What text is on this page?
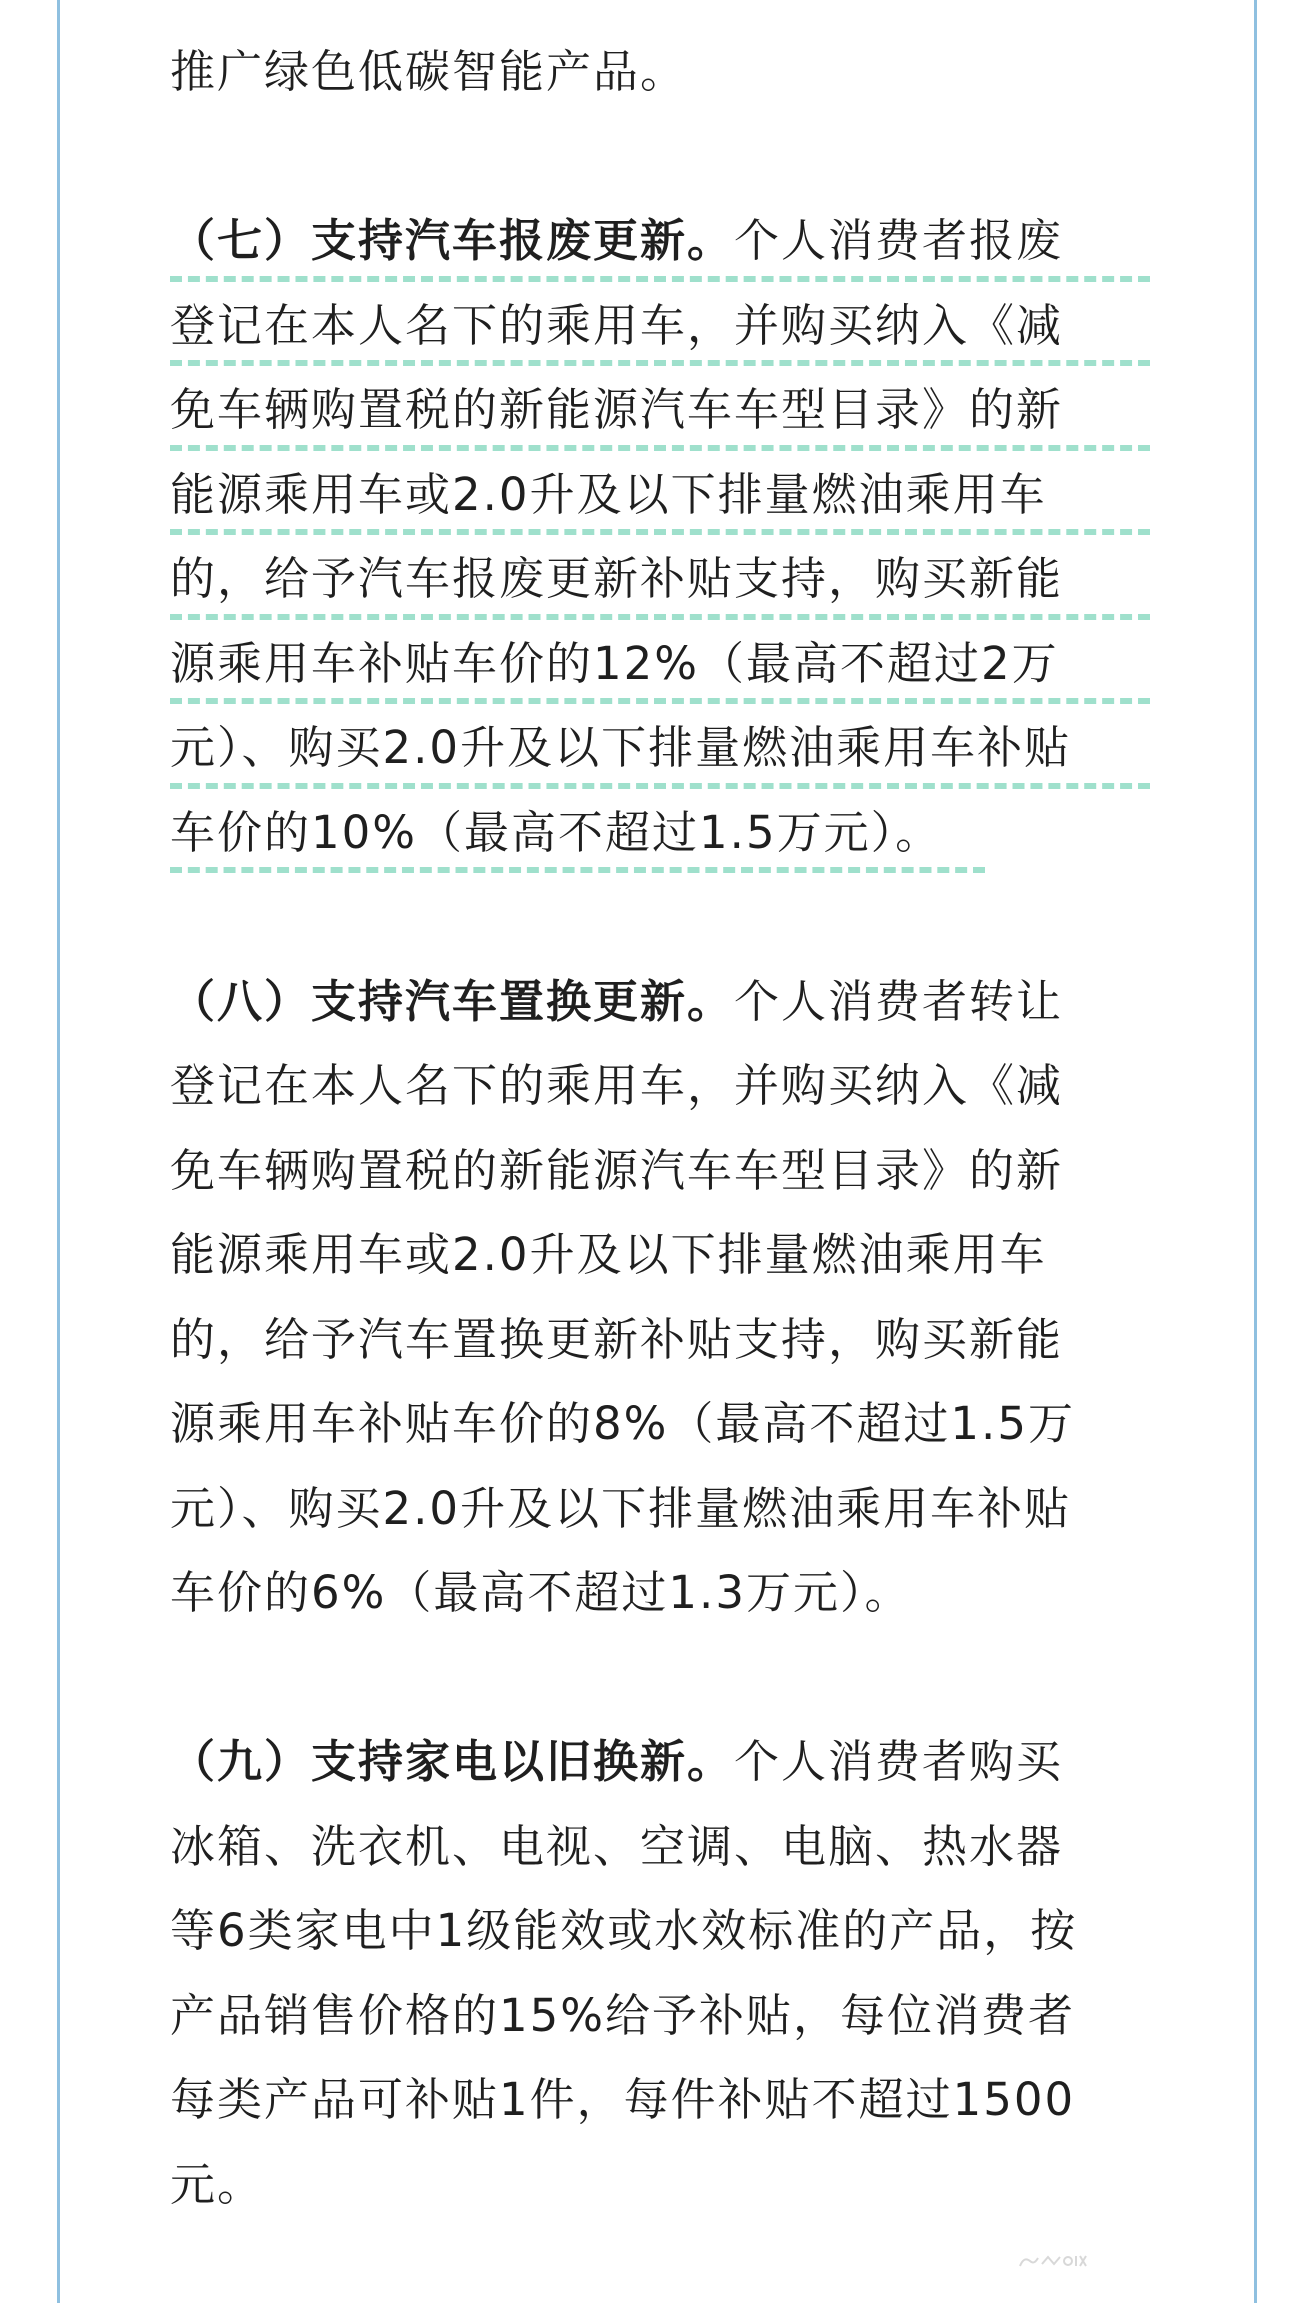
推广绿色低碳智能产品。
（七）支持汽车报废更新。个人消费者报废
登记在本人名下的乘用车，并购买纳入《减
免车辆购置税的新能源汽车车型目录》的新
能源乘用车或2.0升及以下排量燃油乘用车
的，给予汽车报废更新补贴支持，购买新能
源乘用车补贴车价的12%（最高不超过2万
元）、购买2.0升及以下排量燃油乘用车补贴
车价的10%（最高不超过1.5万元）。
（八）支持汽车置换更新。个人消费者转让
登记在本人名下的乘用车，并购买纳入《减
免车辆购置税的新能源汽车车型目录》的新
能源乘用车或2.0升及以下排量燃油乘用车
的，给予汽车置换更新补贴支持，购买新能
源乘用车补贴车价的8%（最高不超过1.5万
元）、购买2.0升及以下排量燃油乘用车补贴
车价的6%（最高不超过1.3万元）。
（九）支持家电以旧换新。个人消费者购买
冰箱、洗衣机、电视、空调、电脑、热水器
等6类家电中1级能效或水效标准的产品，按
产品销售价格的15%给予补贴，每位消费者
每类产品可补贴1件，每件补贴不超过1500
元。
